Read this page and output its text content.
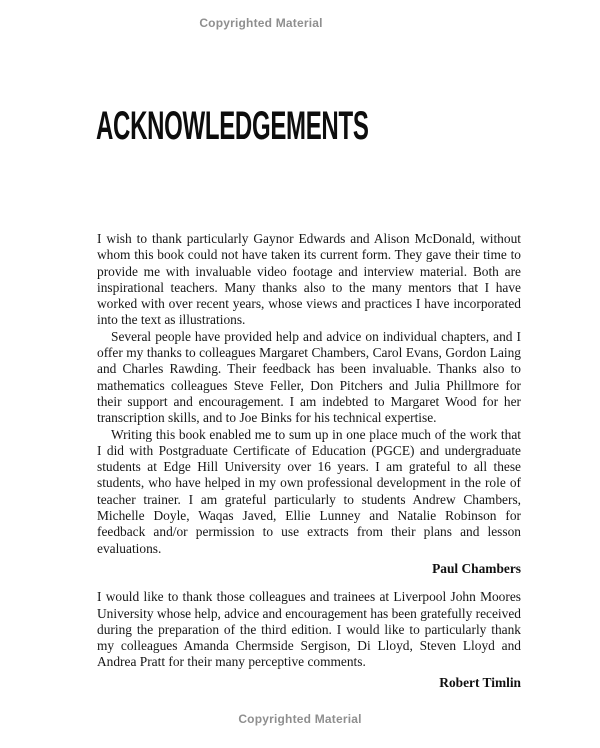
Copyrighted Material
ACKNOWLEDGEMENTS

I wish to thank particularly Gaynor Edwards and Alison McDonald, without whom this book could not have taken its current form. They gave their time to provide me with invaluable video footage and interview material. Both are inspirational teachers. Many thanks also to the many mentors that I have worked with over recent years, whose views and practices I have incorporated into the text as illustrations.

Several people have provided help and advice on individual chapters, and I offer my thanks to colleagues Margaret Chambers, Carol Evans, Gordon Laing and Charles Rawding. Their feedback has been invaluable. Thanks also to mathematics colleagues Steve Feller, Don Pitchers and Julia Phillmore for their support and encouragement. I am indebted to Margaret Wood for her transcription skills, and to Joe Binks for his technical expertise.

Writing this book enabled me to sum up in one place much of the work that I did with Postgraduate Certificate of Education (PGCE) and undergraduate students at Edge Hill University over 16 years. I am grateful to all these students, who have helped in my own professional development in the role of teacher trainer. I am grateful particularly to students Andrew Chambers, Michelle Doyle, Waqas Javed, Ellie Lunney and Natalie Robinson for feedback and/or permission to use extracts from their plans and lesson evaluations.

Paul Chambers

I would like to thank those colleagues and trainees at Liverpool John Moores University whose help, advice and encouragement has been gratefully received during the preparation of the third edition. I would like to particularly thank my colleagues Amanda Chermside Sergison, Di Lloyd, Steven Lloyd and Andrea Pratt for their many perceptive comments.

Robert Timlin

Copyrighted Material
